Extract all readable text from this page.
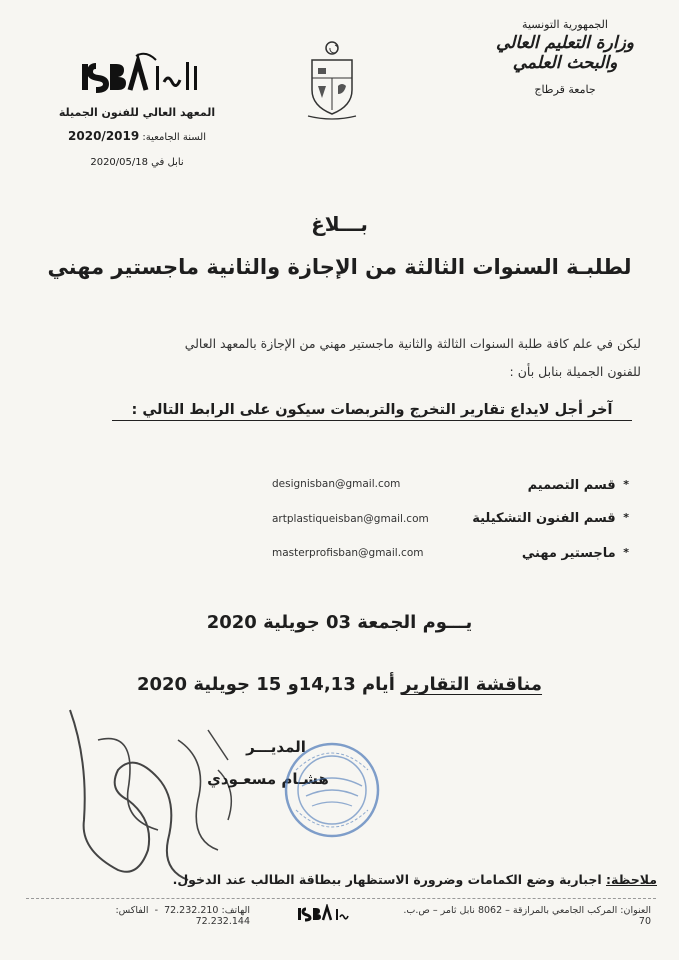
الجمهورية التونسية
وزارة التعليم العالي
والبحث العلمي
جامعة قرطاج
المعهد العالي للفنون الجميلة
السنة الجامعية: 2020/2019
نابل في 2020/05/18
بـــلاغ
لطلبـة السنوات الثالثة من الإجازة والثانية ماجستير مهني
ليكن في علم كافة طلبة السنوات الثالثة والثانية ماجستير مهني من الإجازة بالمعهد العالي
للفنون الجميلة بنابل بأن :
آخر أجل لايداع تقارير التخرج والتربصات سيكون على الرابط التالي :
* قسم التصميم
designisban@gmail.com
* قسم الفنون التشكيلية
artplastiqueisban@gmail.com
* ماجستير مهني
masterprofisban@gmail.com
يـــوم الجمعة 03 جويلية 2020
مناقشة التقارير أيام 14,13و 15 جويلية 2020
المديـــر
هشـام مسعـودي
ملاحظة: اجبارية وضع الكمامات وضرورة الاستظهار ببطاقة الطالب عند الدخول.
العنوان: المركب الجامعي بالمرازقة – 8062 نابل ثامر – ص.ب. 70
الهاتف: 72.232.210  -  الفاكس: 72.232.144
